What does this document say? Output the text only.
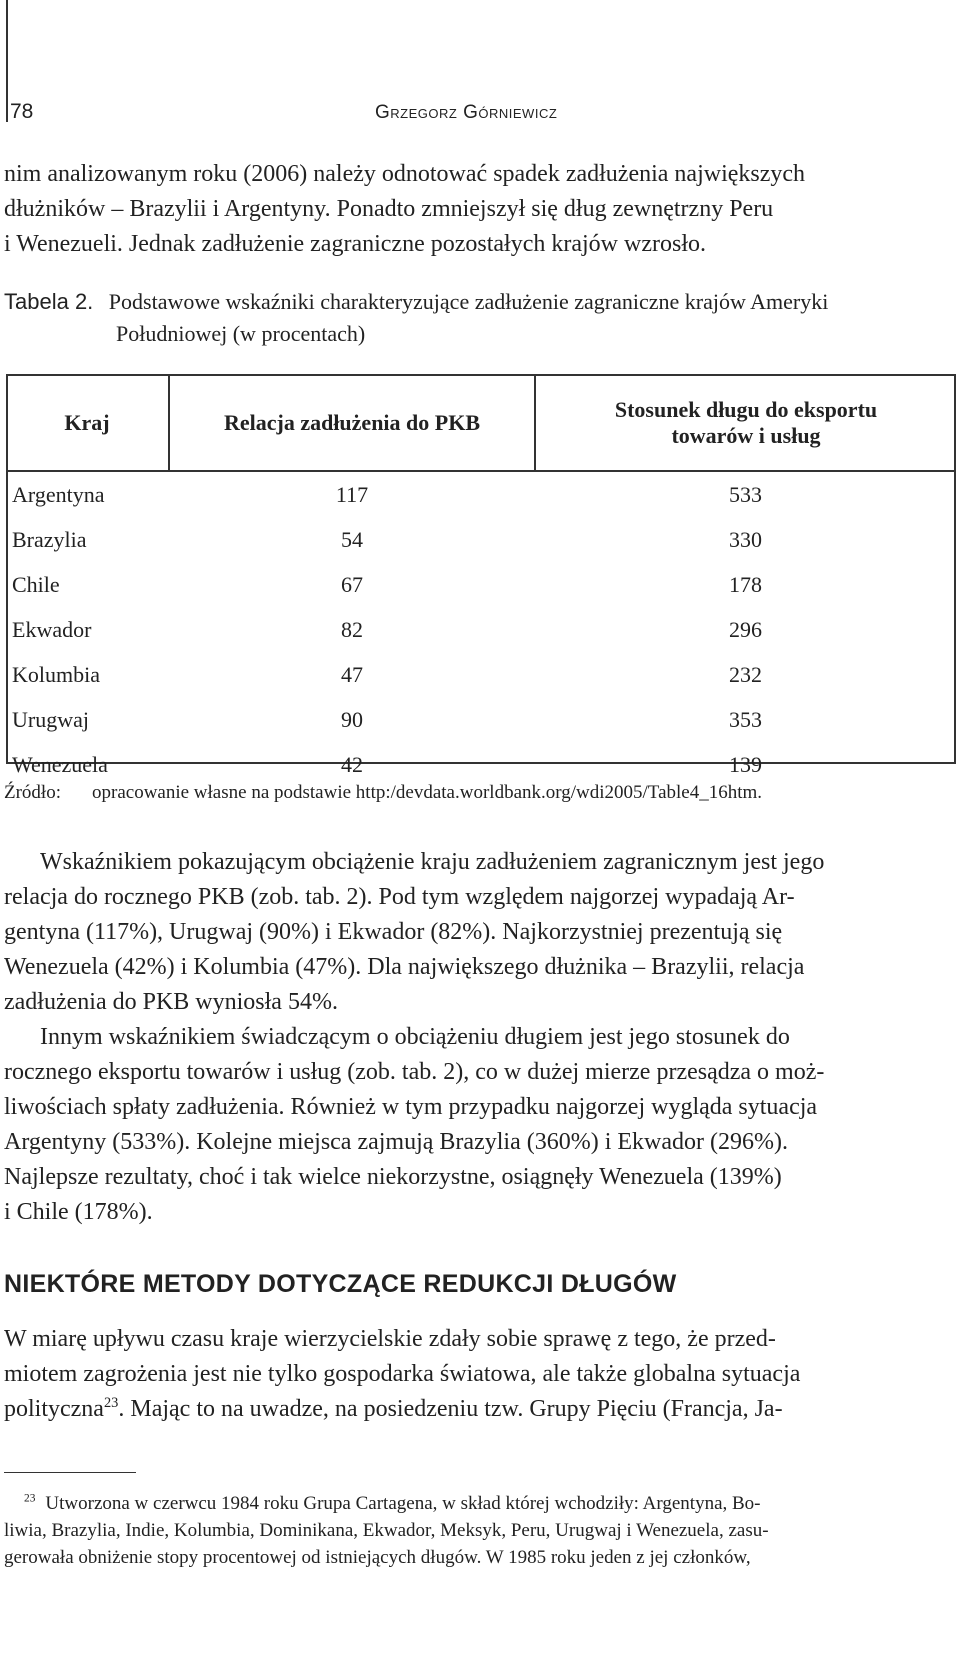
78	Grzegorz Górniewicz
nim analizowanym roku (2006) należy odnotować spadek zadłużenia największych
dłużników – Brazylii i Argentyny. Ponadto zmniejszył się dług zewnętrzny Peru
i Wenezueli. Jednak zadłużenie zagraniczne pozostałych krajów wzrosło.
Tabela 2. Podstawowe wskaźniki charakteryzujące zadłużenie zagraniczne krajów Ameryki
Południowej (w procentach)
Kraj	Relacja zadłużenia do PKB	Stosunek długu do eksportu
towarów i usług

Argentyna	117	533
Brazylia	54	330
Chile	67	178
Ekwador	82	296
Kolumbia	47	232
Urugwaj	90	353
Wenezuela	42	139
Źródło: opracowanie własne na podstawie http:/devdata.worldbank.org/wdi2005/Table4_16htm.
Wskaźnikiem pokazującym obciążenie kraju zadłużeniem zagranicznym jest jego
relacja do rocznego PKB (zob. tab. 2). Pod tym względem najgorzej wypadają Ar-
gentyna (117%), Urugwaj (90%) i Ekwador (82%). Najkorzystniej prezentują się
Wenezuela (42%) i Kolumbia (47%). Dla największego dłużnika – Brazylii, relacja
zadłużenia do PKB wyniosła 54%.
Innym wskaźnikiem świadczącym o obciążeniu długiem jest jego stosunek do
rocznego eksportu towarów i usług (zob. tab. 2), co w dużej mierze przesądza o moż-
liwościach spłaty zadłużenia. Również w tym przypadku najgorzej wygląda sytuacja
Argentyny (533%). Kolejne miejsca zajmują Brazylia (360%) i Ekwador (296%).
Najlepsze rezultaty, choć i tak wielce niekorzystne, osiągnęły Wenezuela (139%)
i Chile (178%).
NIEKTÓRE METODY DOTYCZĄCE REDUKCJI DŁUGÓW
W miarę upływu czasu kraje wierzycielskie zdały sobie sprawę z tego, że przed-
miotem zagrożenia jest nie tylko gospodarka światowa, ale także globalna sytuacja
polityczna$^{23}$. Mając to na uwadze, na posiedzeniu tzw. Grupy Pięciu (Francja, Ja-
$^{23}$ Utworzona w czerwcu 1984 roku Grupa Cartagena, w skład której wchodziły: Argentyna, Bo-
liwia, Brazylia, Indie, Kolumbia, Dominikana, Ekwador, Meksyk, Peru, Urugwaj i Wenezuela, zasu-
gerowała obniżenie stopy procentowej od istniejących długów. W 1985 roku jeden z jej członków,
